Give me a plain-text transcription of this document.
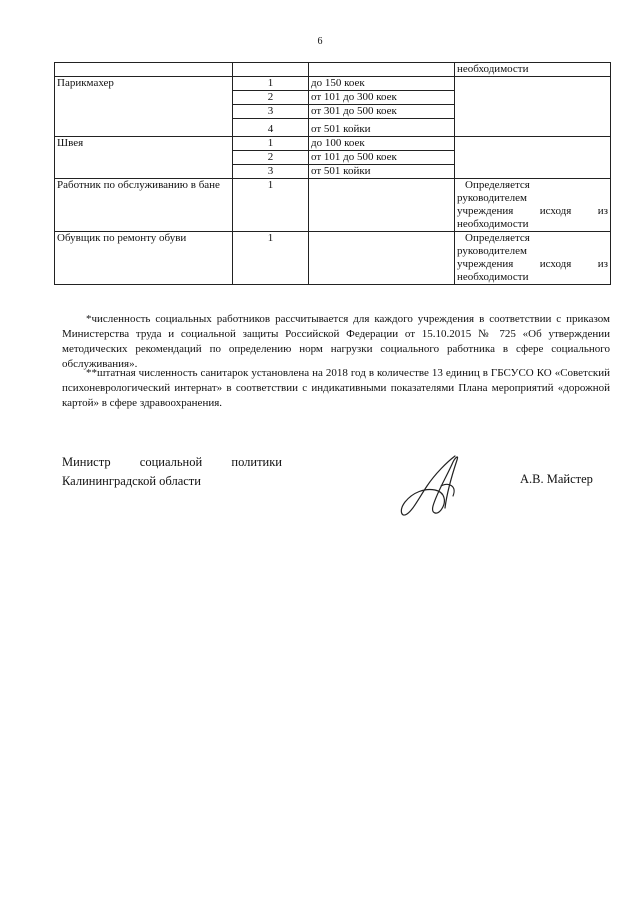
6
			необходимости
Парикмахер	1	до 150 коек	
	2	от 101 до 300 коек	
	3	от 301 до 500 коек	
	4	от 501 койки	
Швея	1	до 100 коек	
	2	от 101 до 500 коек	
	3	от 501 койки	
Работник по обслуживанию в бане	1		Определяется
руководителем
учреждения исходя из
необходимости

Обувщик по ремонту обуви	1		Определяется
руководителем
учреждения исходя из
необходимости
*численность социальных работников рассчитывается для каждого учреждения в соответствии с приказом Министерства труда и социальной защиты Российской Федерации от 15.10.2015 № 725 «Об утверждении методических рекомендаций по определению норм нагрузки социального работника в сфере социального обслуживания».
**штатная численность санитарок установлена на 2018 год в количестве 13 единиц в ГБСУСО КО «Советский психоневрологический интернат» в соответствии с индикативными показателями Плана мероприятий «дорожной картой» в сфере здравоохранения.
Министр социальной политики
Калининградской области	А.В. Майстер
